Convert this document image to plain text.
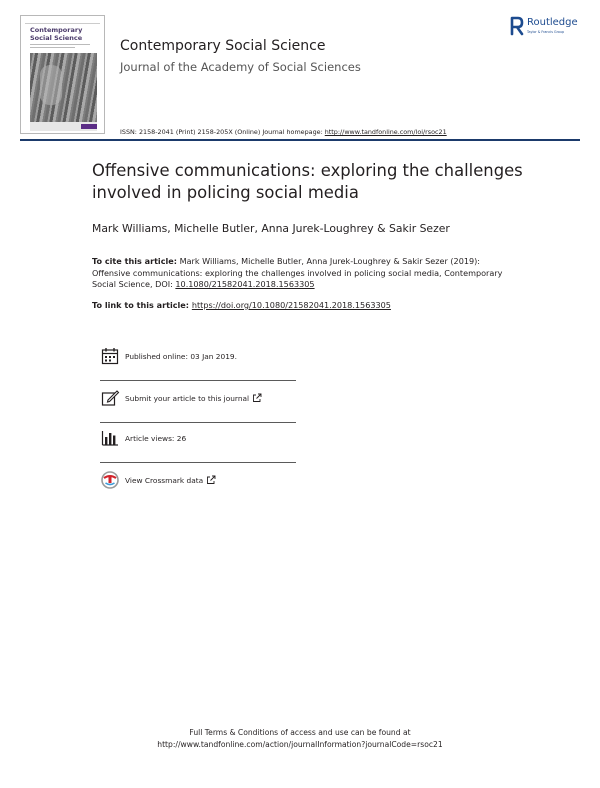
Contemporary Social Science	Contemporary Social Science
Journal of the Academy of Social Sciences
Routledge
Taylor & Francis Group
ISSN: 2158-2041 (Print) 2158-205X (Online) Journal homepage: http://www.tandfonline.com/loi/rsoc21
Offensive communications: exploring the challenges involved in policing social media
Mark Williams, Michelle Butler, Anna Jurek-Loughrey & Sakir Sezer
To cite this article: Mark Williams, Michelle Butler, Anna Jurek-Loughrey & Sakir Sezer (2019): Offensive communications: exploring the challenges involved in policing social media, Contemporary Social Science, DOI: 10.1080/21582041.2018.1563305
To link to this article: https://doi.org/10.1080/21582041.2018.1563305
Published online: 03 Jan 2019.
Submit your article to this journal
Article views: 26
View Crossmark data
Full Terms & Conditions of access and use can be found at
http://www.tandfonline.com/action/journalInformation?journalCode=rsoc21
